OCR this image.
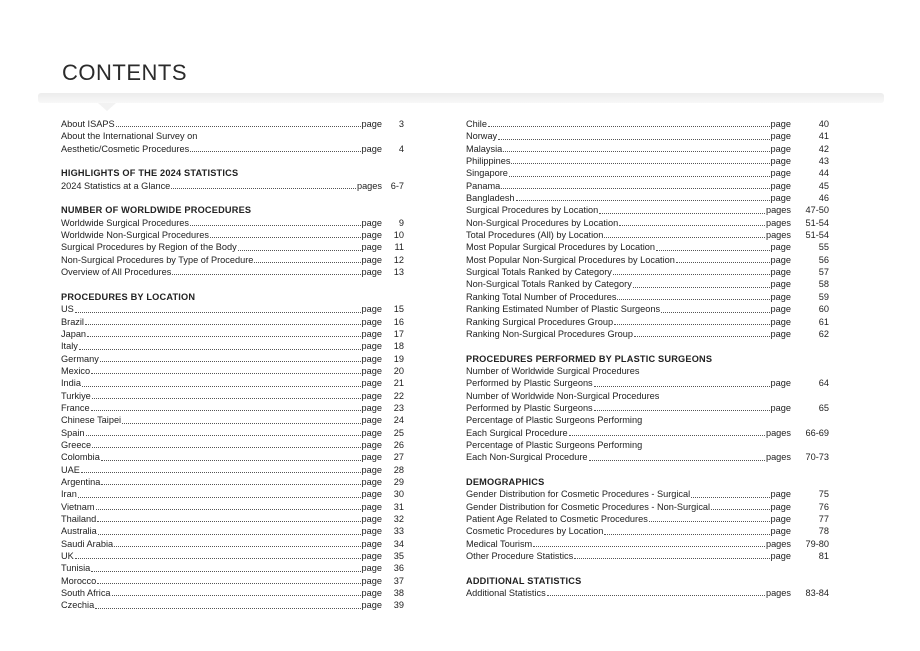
CONTENTS
About ISAPS	page	3
About the International Survey on
Aesthetic/Cosmetic Procedures	page	4
HIGHLIGHTS OF THE 2024 STATISTICS
2024 Statistics at a Glance	pages 6-7
NUMBER OF WORLDWIDE PROCEDURES
Worldwide Surgical Procedures	page	9
Worldwide Non-Surgical Procedures	page	10
Surgical Procedures by Region of the Body	page	11
Non-Surgical Procedures by Type of Procedure	page	12
Overview of All Procedures	page	13
PROCEDURES BY LOCATION
US	page	15
Brazil	page	16
Japan	page	17
Italy	page	18
Germany	page	19
Mexico	page	20
India	page	21
Turkiye	page	22
France	page	23
Chinese Taipei	page	24
Spain	page	25
Greece	page	26
Colombia	page	27
UAE	page	28
Argentina	page	29
Iran	page	30
Vietnam	page	31
Thailand	page	32
Australia	page	33
Saudi Arabia	page	34
UK	page	35
Tunisia	page	36
Morocco	page	37
South Africa	page	38
Czechia	page	39
Chile	page	40
Norway	page	41
Malaysia	page	42
Philippines	page	43
Singapore	page	44
Panama	page	45
Bangladesh	page	46
Surgical Procedures by Location	pages	47-50
Non-Surgical Procedures by Location	pages	51-54
Total Procedures (All) by Location	pages	51-54
Most Popular Surgical Procedures by Location	page	55
Most Popular Non-Surgical Procedures by Location	page	56
Surgical Totals Ranked by Category	page	57
Non-Surgical Totals Ranked by Category	page	58
Ranking Total Number of Procedures	page	59
Ranking Estimated Number of Plastic Surgeons	page	60
Ranking Surgical Procedures Group	page	61
Ranking Non-Surgical Procedures Group	page	62
PROCEDURES PERFORMED BY PLASTIC SURGEONS
Number of Worldwide Surgical Procedures
Performed by Plastic Surgeons	page	64
Number of Worldwide Non-Surgical Procedures
Performed by Plastic Surgeons	page	65
Percentage of Plastic Surgeons Performing
Each Surgical Procedure	pages	66-69
Percentage of Plastic Surgeons Performing
Each Non-Surgical Procedure	pages	70-73
DEMOGRAPHICS
Gender Distribution for Cosmetic Procedures - Surgical	page	75
Gender Distribution for Cosmetic Procedures - Non-Surgical	page	76
Patient Age Related to Cosmetic Procedures	page	77
Cosmetic Procedures by Location	page	78
Medical Tourism	pages	79-80
Other Procedure Statistics	page	81
ADDITIONAL STATISTICS
Additional Statistics	pages	83-84
